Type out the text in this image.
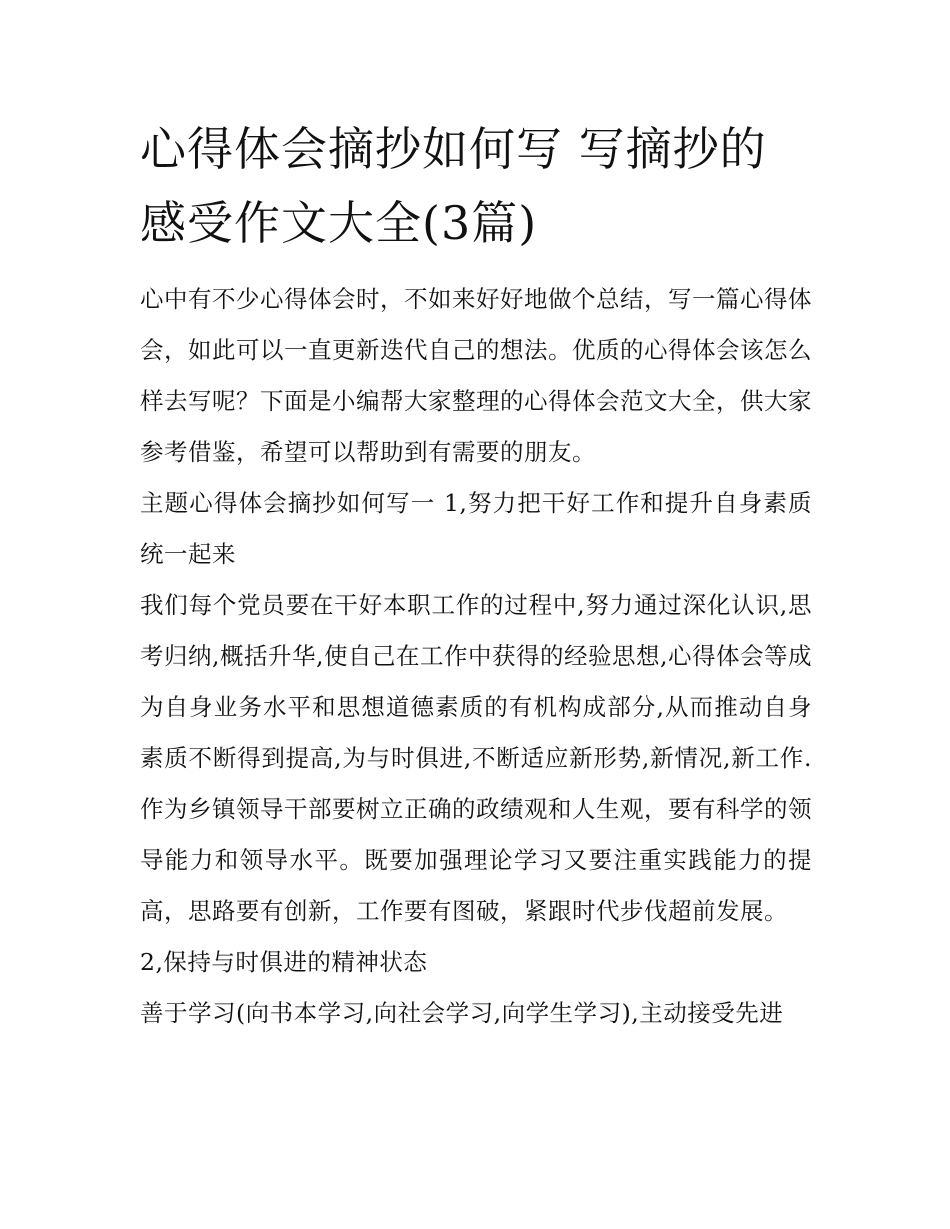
心得体会摘抄如何写 写摘抄的感受作文大全(3篇)

心中有不少心得体会时，不如来好好地做个总结，写一篇心得体会，如此可以一直更新迭代自己的想法。优质的心得体会该怎么样去写呢？下面是小编帮大家整理的心得体会范文大全，供大家参考借鉴，希望可以帮助到有需要的朋友。

主题心得体会摘抄如何写一 1,努力把干好工作和提升自身素质统一起来

我们每个党员要在干好本职工作的过程中,努力通过深化认识,思考归纳,概括升华,使自己在工作中获得的经验思想,心得体会等成为自身业务水平和思想道德素质的有机构成部分,从而推动自身素质不断得到提高,为与时俱进,不断适应新形势,新情况,新工作.作为乡镇领导干部要树立正确的政绩观和人生观，要有科学的领导能力和领导水平。既要加强理论学习又要注重实践能力的提高，思路要有创新，工作要有图破，紧跟时代步伐超前发展。

2,保持与时俱进的精神状态

善于学习(向书本学习,向社会学习,向学生学习),主动接受先进
